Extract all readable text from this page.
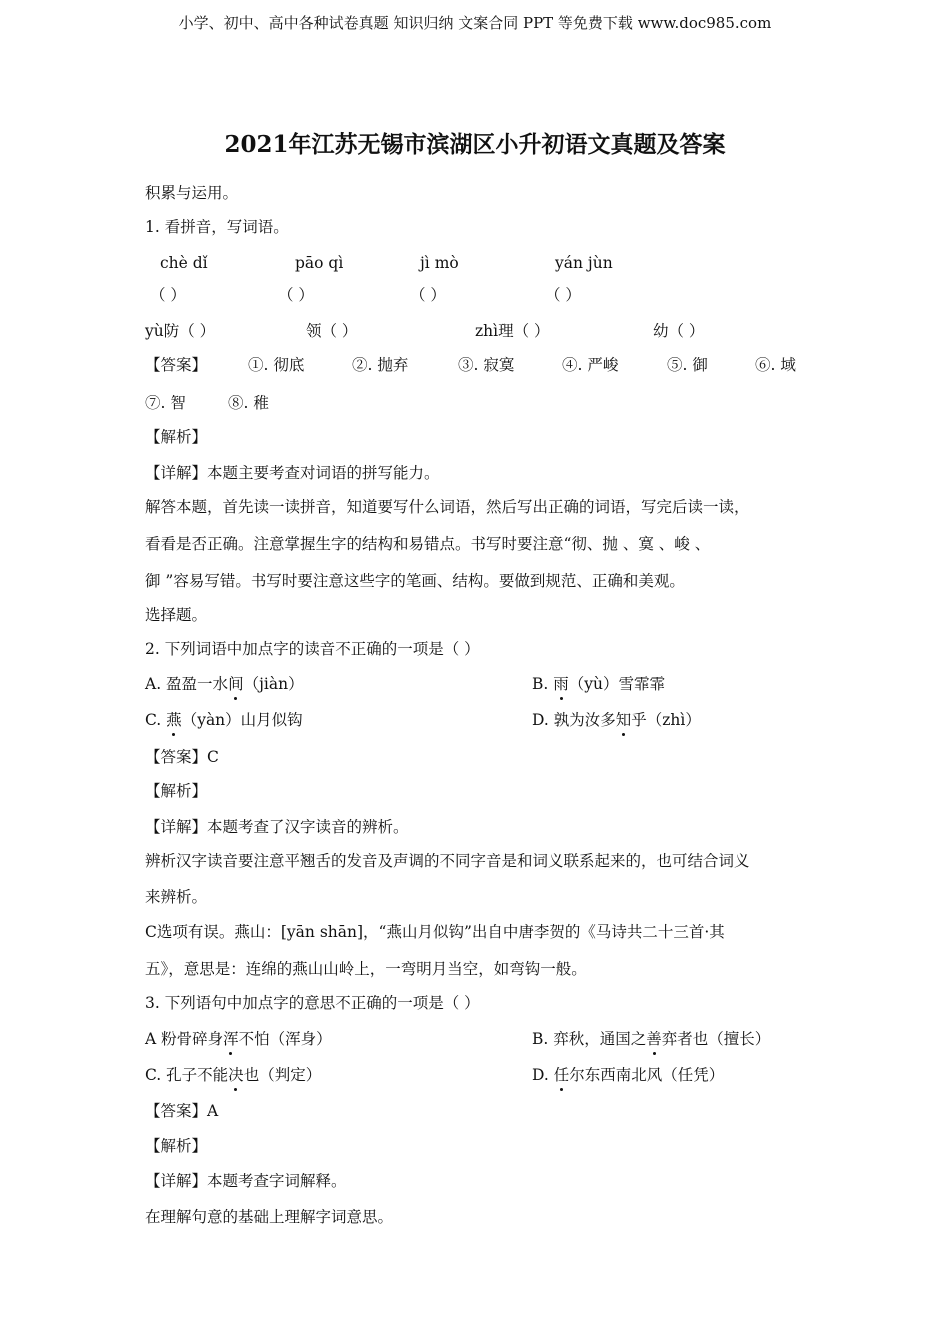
小学、初中、高中各种试卷真题 知识归纳 文案合同 PPT 等免费下载 www.doc985.com
2021年江苏无锡市滨湖区小升初语文真题及答案
积累与运用。
1. 看拼音，写词语。
chè dǐ	pāo qì	jì mò	yán jùn
（ ）	（ ）	（ ）	（ ）
yù防（ ）	领（ ）	zhì理（ ）	幼（ ）
【答案】	①. 彻底	②. 抛弃	③. 寂寞	④. 严峻	⑤. 御	⑥. 域
⑦. 智	⑧. 稚
【解析】
【详解】本题主要考查对词语的拼写能力。
解答本题，首先读一读拼音，知道要写什么词语，然后写出正确的词语，写完后读一读，
看看是否正确。注意掌握生字的结构和易错点。书写时要注意“彻、抛 、寞 、峻 、
御 ”容易写错。书写时要注意这些字的笔画、结构。要做到规范、正确和美观。
选择题。
2. 下列词语中加点字的读音不正确的一项是（ ）
A. 盈盈一水间（jiàn）	B. 雨（yù）雪霏霏
C. 燕（yàn）山月似钩	D. 孰为汝多知乎（zhì）
【答案】C
【解析】
【详解】本题考查了汉字读音的辨析。
辨析汉字读音要注意平翘舌的发音及声调的不同字音是和词义联系起来的，也可结合词义
来辨析。
C选项有误。燕山：[yān shān]，“燕山月似钩”出自中唐李贺的《马诗共二十三首·其
五》，意思是：连绵的燕山山岭上，一弯明月当空，如弯钩一般。
3. 下列语句中加点字的意思不正确的一项是（ ）
A 粉骨碎身浑不怕（浑身）	B. 弈秋，通国之善弈者也（擅长）
C. 孔子不能决也（判定）	D. 任尔东西南北风（任凭）
【答案】A
【解析】
【详解】本题考查字词解释。
在理解句意的基础上理解字词意思。
